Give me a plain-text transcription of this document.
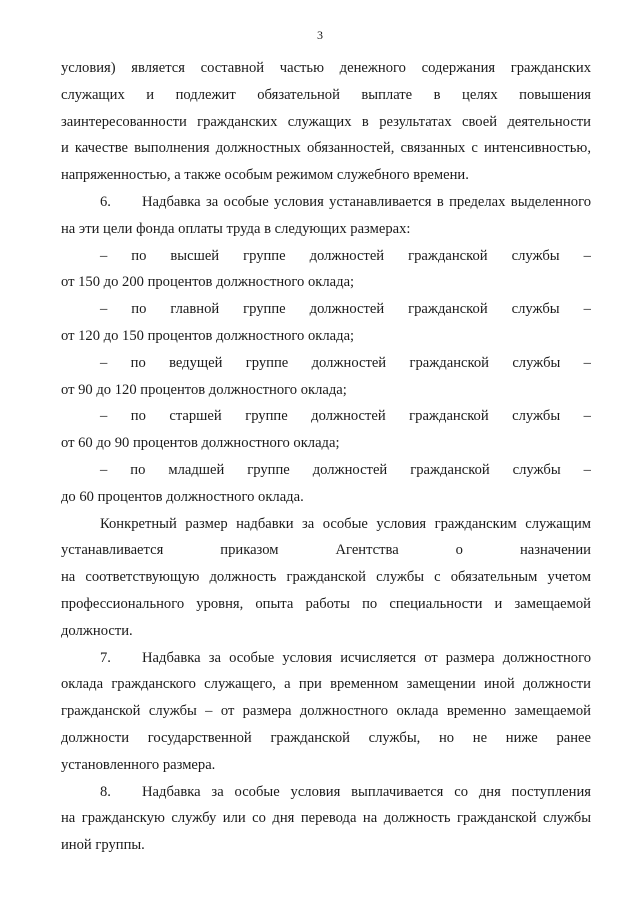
3
условия) является составной частью денежного содержания гражданских
служащих и подлежит обязательной выплате в целях повышения
заинтересованности гражданских служащих в результатах своей деятельности
и качестве выполнения должностных обязанностей, связанных с интенсивностью,
напряженностью, а также особым режимом служебного времени.
6. Надбавка за особые условия устанавливается в пределах выделенного
на эти цели фонда оплаты труда в следующих размерах:
– по высшей группе должностей гражданской службы –
от 150 до 200 процентов должностного оклада;
– по главной группе должностей гражданской службы –
от 120 до 150 процентов должностного оклада;
– по ведущей группе должностей гражданской службы –
от 90 до 120 процентов должностного оклада;
– по старшей группе должностей гражданской службы –
от 60 до 90 процентов должностного оклада;
– по младшей группе должностей гражданской службы –
до 60 процентов должностного оклада.
Конкретный размер надбавки за особые условия гражданским служащим
устанавливается приказом Агентства о назначении
на соответствующую должность гражданской службы с обязательным учетом
профессионального уровня, опыта работы по специальности и замещаемой
должности.
7. Надбавка за особые условия исчисляется от размера должностного
оклада гражданского служащего, а при временном замещении иной должности
гражданской службы – от размера должностного оклада временно замещаемой
должности государственной гражданской службы, но не ниже ранее
установленного размера.
8. Надбавка за особые условия выплачивается со дня поступления
на гражданскую службу или со дня перевода на должность гражданской службы
иной группы.
